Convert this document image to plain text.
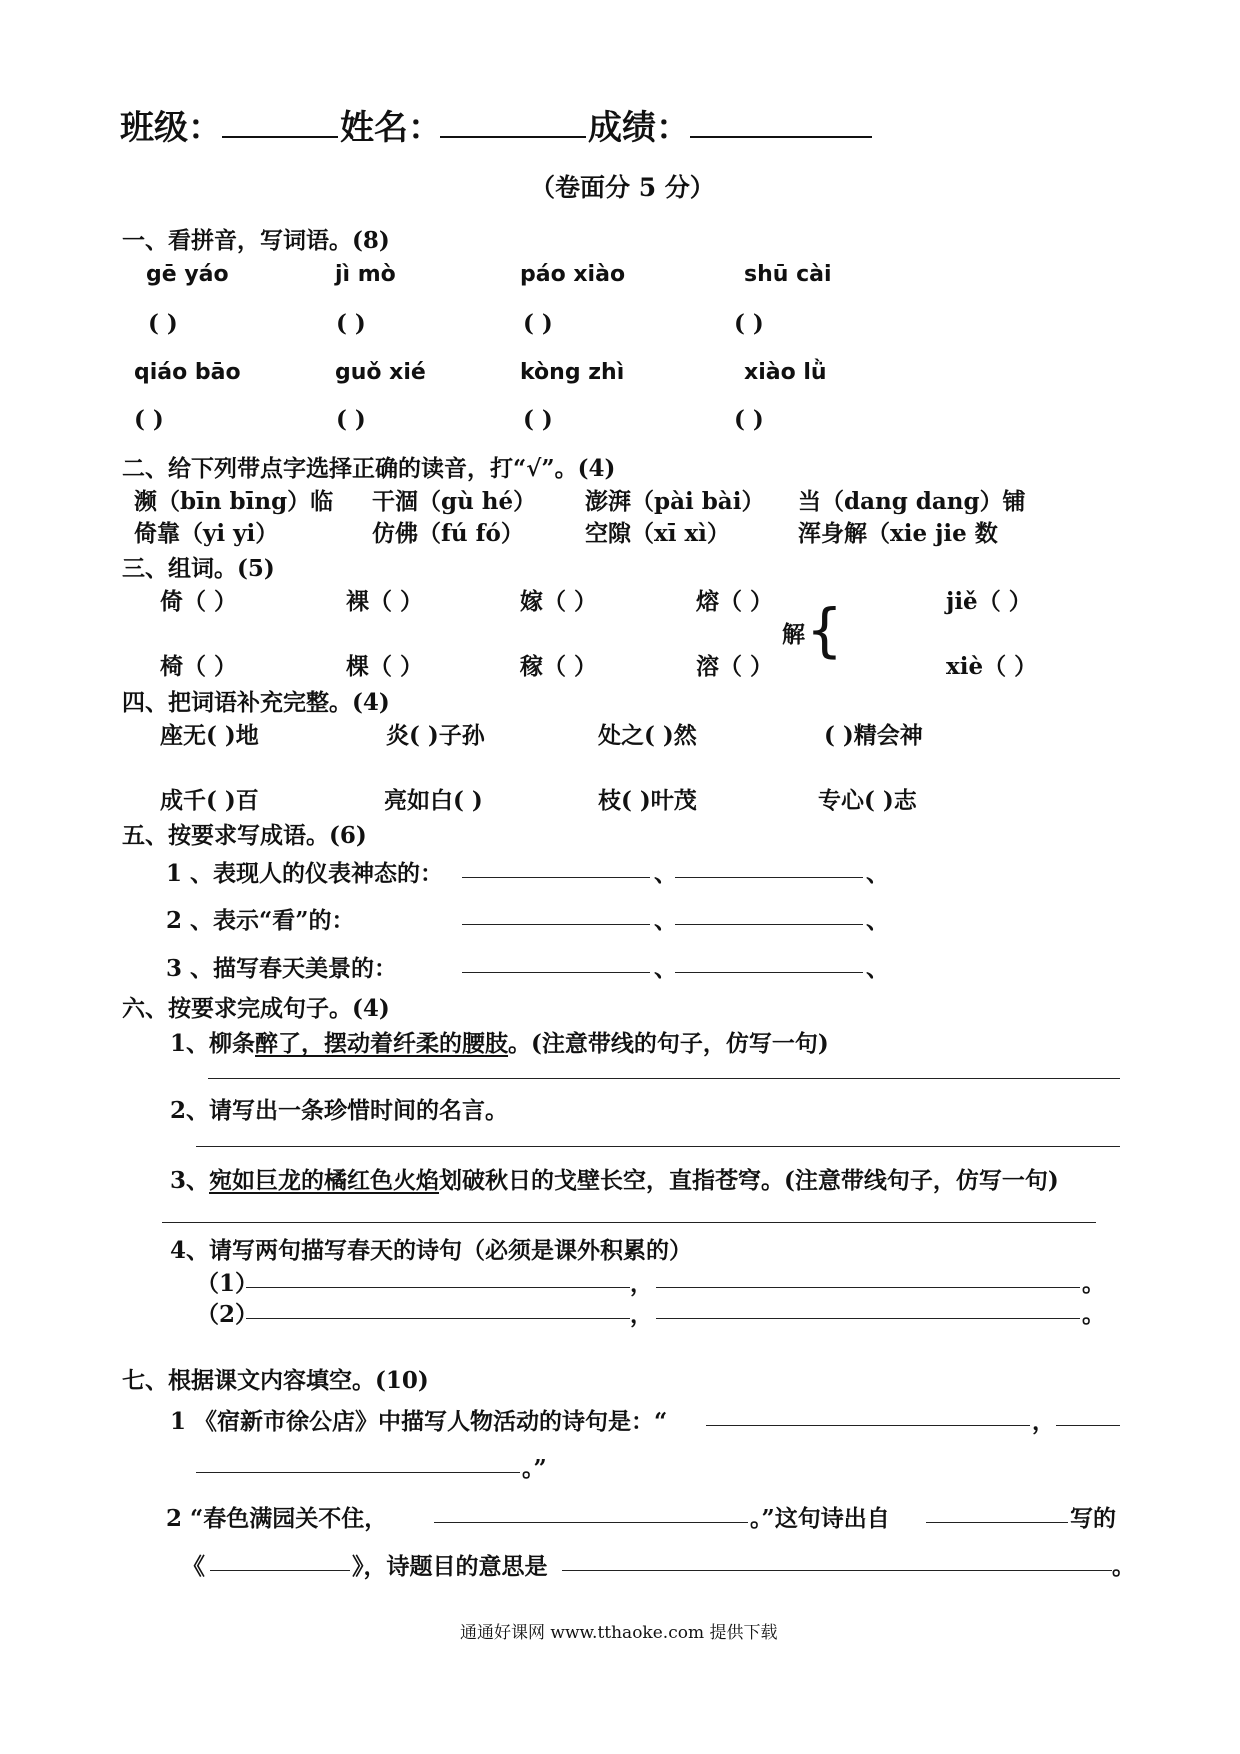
班级：	姓名：	成绩：
（卷面分 5 分）
一、看拼音，写词语。(8)
gē yáo	jì mò	páo xiào	shū cài
( )	( )	( )	( )
qiáo bāo	guǒ xié	kòng zhì	xiào lǜ
( )	( )	( )	( )
二、给下列带点字选择正确的读音，打“√”。(4)
濒（bīn bīng）临 干涸（gù hé） 澎湃（pài bài） 当（dang dang）铺
倚靠（yi yi）	仿佛（fú fó）	空隙（xī xì）	浑身解（xie jie 数
三、组词。(5)
倚（ ）	裸（ ）	嫁（ ）	熔（ ）
椅（ ）	棵（ ）	稼（ ）	溶（ ）
解 {	jiě（ ）
xiè（ ）
四、把词语补充完整。(4)
座无( )地	炎( )子孙	处之( )然	( )精会神
成千( )百	亮如白( )	枝( )叶茂	专心( )志
五、按要求写成语。(6)
1 、表现人的仪表神态的：	、	、
2 、表示“看”的：	、	、
3 、描写春天美景的：	、	、
六、按要求完成句子。(4)
1、柳条醉了，摆动着纤柔的腰肢。(注意带线的句子，仿写一句)
2、请写出一条珍惜时间的名言。
3、宛如巨龙的橘红色火焰划破秋日的戈壁长空，直指苍穹。(注意带线句子，仿写一句)
4、请写两句描写春天的诗句（必须是课外积累的）
（1）	，	。
（2）	，	。
七、根据课文内容填空。(10)
1 《宿新市徐公店》中描写人物活动的诗句是：“	，
。”
2 “春色满园关不住，	。”这句诗出自	写的
《	》，诗题目的意思是	。
通通好课网 www.tthaoke.com 提供下载
